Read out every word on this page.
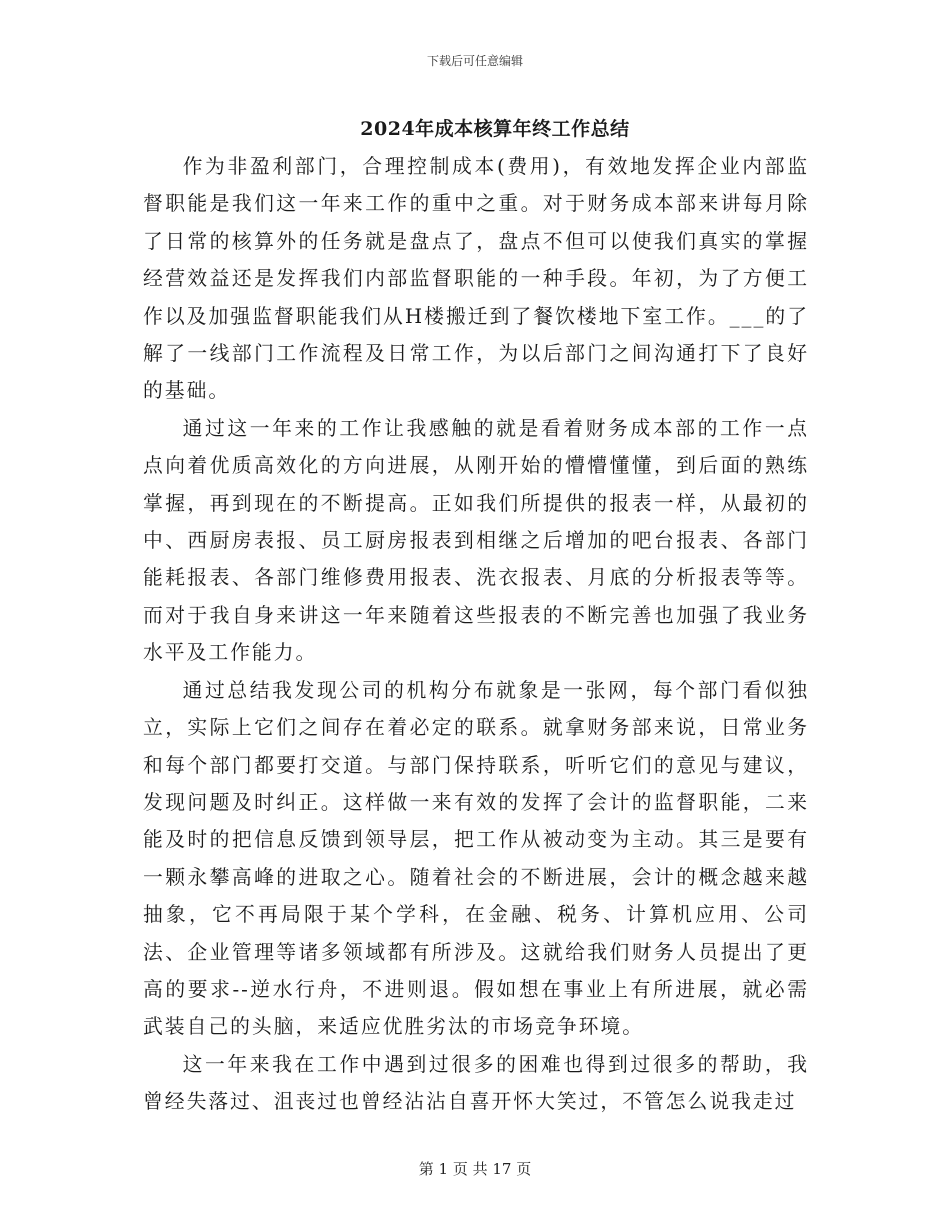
下载后可任意编辑
2024年成本核算年终工作总结

作为非盈利部门，合理控制成本(费用)，有效地发挥企业内部监督职能是我们这一年来工作的重中之重。对于财务成本部来讲每月除了日常的核算外的任务就是盘点了，盘点不但可以使我们真实的掌握经营效益还是发挥我们内部监督职能的一种手段。年初，为了方便工作以及加强监督职能我们从H楼搬迁到了餐饮楼地下室工作。___的了解了一线部门工作流程及日常工作，为以后部门之间沟通打下了良好的基础。

通过这一年来的工作让我感触的就是看着财务成本部的工作一点点向着优质高效化的方向进展，从刚开始的懵懵懂懂，到后面的熟练掌握，再到现在的不断提高。正如我们所提供的报表一样，从最初的中、西厨房表报、员工厨房报表到相继之后增加的吧台报表、各部门能耗报表、各部门维修费用报表、洗衣报表、月底的分析报表等等。而对于我自身来讲这一年来随着这些报表的不断完善也加强了我业务水平及工作能力。

通过总结我发现公司的机构分布就象是一张网，每个部门看似独立，实际上它们之间存在着必定的联系。就拿财务部来说，日常业务和每个部门都要打交道。与部门保持联系，听听它们的意见与建议，发现问题及时纠正。这样做一来有效的发挥了会计的监督职能，二来能及时的把信息反馈到领导层，把工作从被动变为主动。其三是要有一颗永攀高峰的进取之心。随着社会的不断进展，会计的概念越来越抽象，它不再局限于某个学科，在金融、税务、计算机应用、公司法、企业管理等诸多领域都有所涉及。这就给我们财务人员提出了更高的要求--逆水行舟，不进则退。假如想在事业上有所进展，就必需武装自己的头脑，来适应优胜劣汰的市场竞争环境。

这一年来我在工作中遇到过很多的困难也得到过很多的帮助，我曾经失落过、沮丧过也曾经沾沾自喜开怀大笑过，不管怎么说我走过

第 1 页 共 17 页
